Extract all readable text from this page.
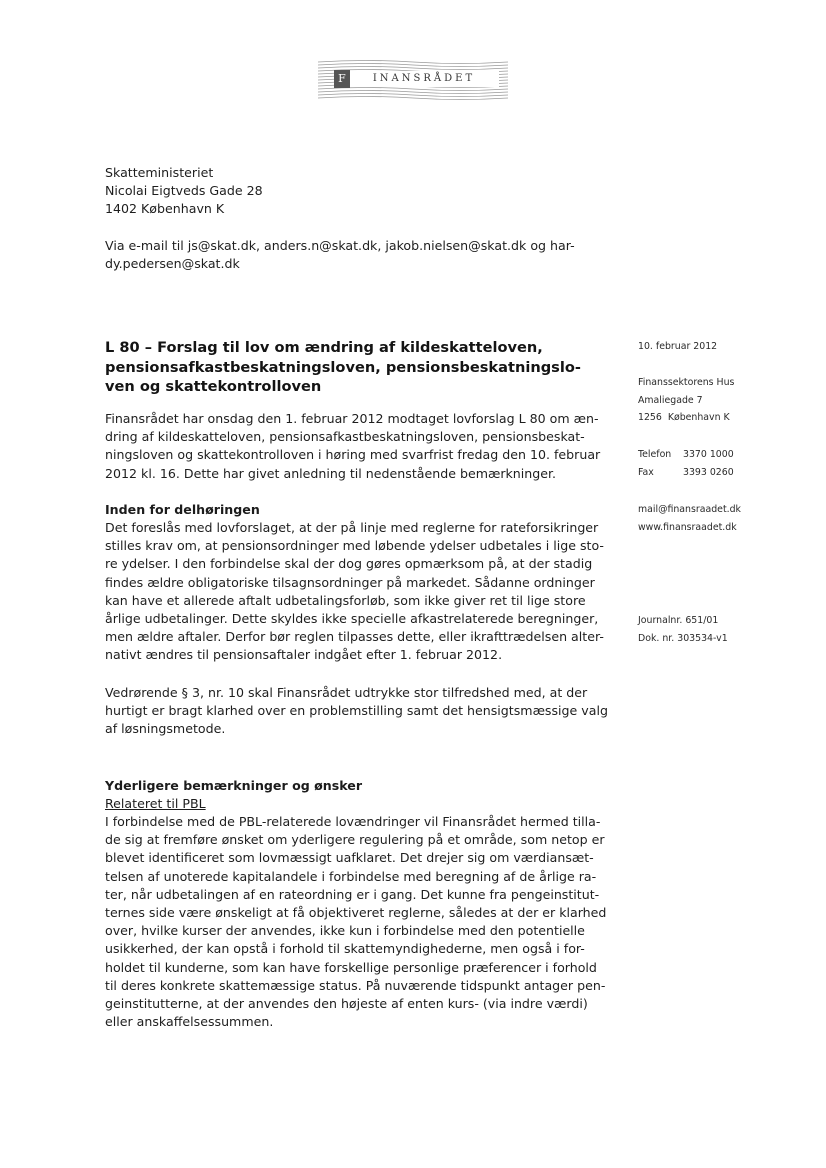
INANSRÅDET
F
Skatteministeriet
Nicolai Eigtveds Gade 28
1402 København K
Via e-mail til js@skat.dk, anders.n@skat.dk, jakob.nielsen@skat.dk og har-
dy.pedersen@skat.dk
L 80 – Forslag til lov om ændring af kildeskatteloven,
pensionsafkastbeskatningsloven, pensionsbeskatningslo-
ven og skattekontrolloven
10. februar 2012
Finanssektorens Hus
Amaliegade 7
1256  København K
Telefon 3370 1000
Fax	3393 0260
mail@finansraadet.dk
www.finansraadet.dk
Journalnr. 651/01
Dok. nr. 303534-v1
Finansrådet har onsdag den 1. februar 2012 modtaget lovforslag L 80 om æn-
dring af kildeskatteloven, pensionsafkastbeskatningsloven, pensionsbeskat-
ningsloven og skattekontrolloven i høring med svarfrist fredag den 10. februar
2012 kl. 16. Dette har givet anledning til nedenstående bemærkninger.
Inden for delhøringen
Det foreslås med lovforslaget, at der på linje med reglerne for rateforsikringer
stilles krav om, at pensionsordninger med løbende ydelser udbetales i lige sto-
re ydelser. I den forbindelse skal der dog gøres opmærksom på, at der stadig
findes ældre obligatoriske tilsagnsordninger på markedet. Sådanne ordninger
kan have et allerede aftalt udbetalingsforløb, som ikke giver ret til lige store
årlige udbetalinger. Dette skyldes ikke specielle afkastrelaterede beregninger,
men ældre aftaler. Derfor bør reglen tilpasses dette, eller ikrafttrædelsen alter-
nativt ændres til pensionsaftaler indgået efter 1. februar 2012.
Vedrørende § 3, nr. 10 skal Finansrådet udtrykke stor tilfredshed med, at der
hurtigt er bragt klarhed over en problemstilling samt det hensigtsmæssige valg
af løsningsmetode.
Yderligere bemærkninger og ønsker
Relateret til PBL
I forbindelse med de PBL-relaterede lovændringer vil Finansrådet hermed tilla-
de sig at fremføre ønsket om yderligere regulering på et område, som netop er
blevet identificeret som lovmæssigt uafklaret. Det drejer sig om værdiansæt-
telsen af unoterede kapitalandele i forbindelse med beregning af de årlige ra-
ter, når udbetalingen af en rateordning er i gang. Det kunne fra pengeinstitut-
ternes side være ønskeligt at få objektiveret reglerne, således at der er klarhed
over, hvilke kurser der anvendes, ikke kun i forbindelse med den potentielle
usikkerhed, der kan opstå i forhold til skattemyndighederne, men også i for-
holdet til kunderne, som kan have forskellige personlige præferencer i forhold
til deres konkrete skattemæssige status. På nuværende tidspunkt antager pen-
geinstitutterne, at der anvendes den højeste af enten kurs- (via indre værdi)
eller anskaffelsessummen.
